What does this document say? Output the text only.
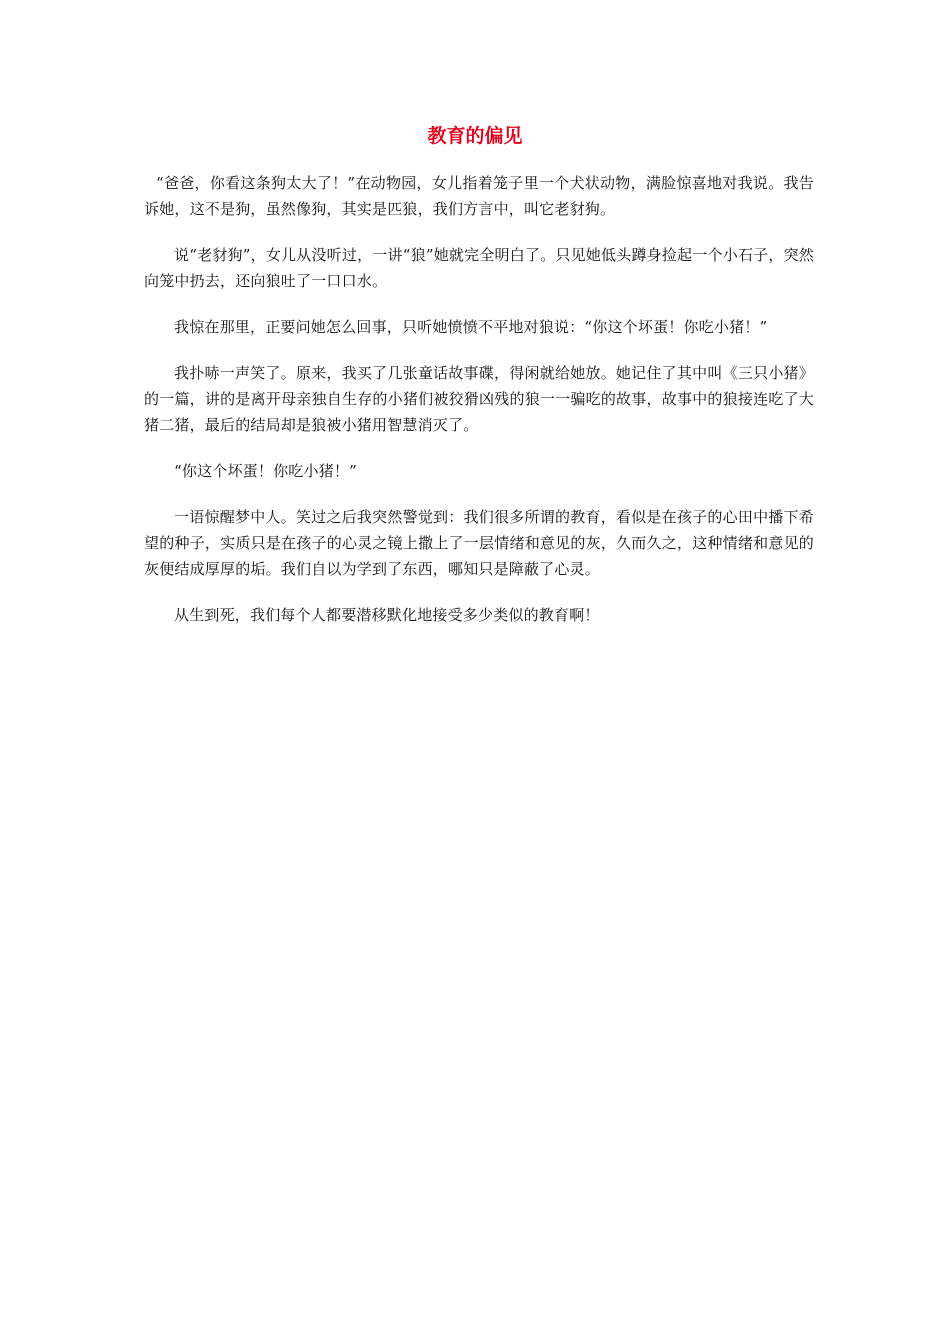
教育的偏见

“爸爸，你看这条狗太大了！”在动物园，女儿指着笼子里一个犬状动物，满脸惊喜地对我说。我告诉她，这不是狗，虽然像狗，其实是匹狼，我们方言中，叫它老豺狗。

说“老豺狗”，女儿从没听过，一讲“狼”她就完全明白了。只见她低头蹲身捡起一个小石子，突然向笼中扔去，还向狼吐了一口口水。

我惊在那里，正要问她怎么回事，只听她愤愤不平地对狼说：“你这个坏蛋！你吃小猪！”

我扑哧一声笑了。原来，我买了几张童话故事碟，得闲就给她放。她记住了其中叫《三只小猪》的一篇，讲的是离开母亲独自生存的小猪们被狡猾凶残的狼一一骗吃的故事，故事中的狼接连吃了大猪二猪，最后的结局却是狼被小猪用智慧消灭了。

“你这个坏蛋！你吃小猪！”

一语惊醒梦中人。笑过之后我突然警觉到：我们很多所谓的教育，看似是在孩子的心田中播下希望的种子，实质只是在孩子的心灵之镜上撒上了一层情绪和意见的灰，久而久之，这种情绪和意见的灰便结成厚厚的垢。我们自以为学到了东西，哪知只是障蔽了心灵。

从生到死，我们每个人都要潜移默化地接受多少类似的教育啊！
